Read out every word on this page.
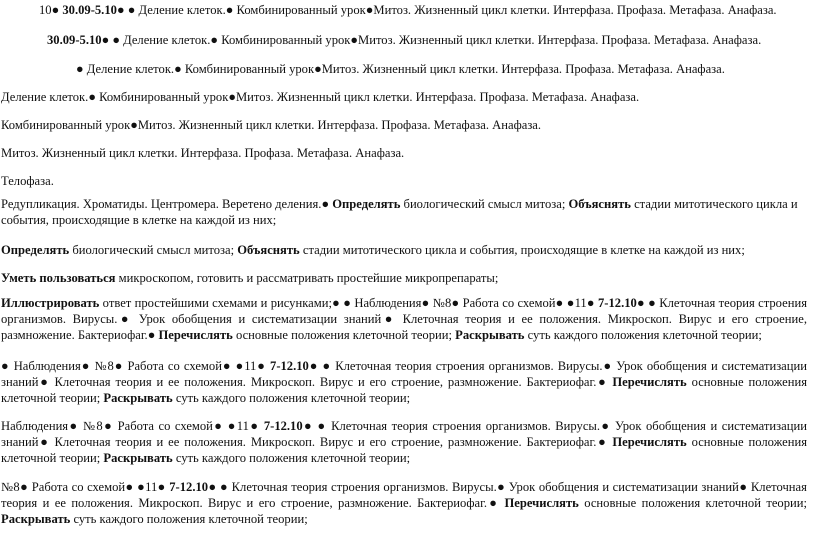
10● 30.09-5.10● ● Деление клеток.● Комбинированный урок●Митоз. Жизненный цикл клетки. Интерфаза. Профаза. Метафаза. Анафаза.

30.09-5.10● ● Деление клеток.● Комбинированный урок●Митоз. Жизненный цикл клетки. Интерфаза. Профаза. Метафаза. Анафаза.

● Деление клеток.● Комбинированный урок●Митоз. Жизненный цикл клетки. Интерфаза. Профаза. Метафаза. Анафаза.

Деление клеток.● Комбинированный урок●Митоз. Жизненный цикл клетки. Интерфаза. Профаза. Метафаза. Анафаза.

Комбинированный урок●Митоз. Жизненный цикл клетки. Интерфаза. Профаза. Метафаза. Анафаза.

Митоз. Жизненный цикл клетки. Интерфаза. Профаза. Метафаза. Анафаза.

Телофаза.

Редупликация. Хроматиды. Центромера. Веретено деления.● Определять биологический смысл митоза; Объяснять стадии митотического цикла и события, происходящие в клетке на каждой из них;

Определять биологический смысл митоза; Объяснять стадии митотического цикла и события, происходящие в клетке на каждой из них;

Уметь пользоваться микроскопом, готовить и рассматривать простейшие микропрепараты;

Иллюстрировать ответ простейшими схемами и рисунками;● ● Наблюдения● №8● Работа со схемой● ●11● 7-12.10● ● Клеточная теория строения организмов. Вирусы.● Урок обобщения и систематизации знаний● Клеточная теория и ее положения. Микроскоп. Вирус и его строение, размножение. Бактериофаг.● Перечислять основные положения клеточной теории; Раскрывать суть каждого положения клеточной теории;

● Наблюдения● №8● Работа со схемой● ●11● 7-12.10● ● Клеточная теория строения организмов. Вирусы.● Урок обобщения и систематизации знаний● Клеточная теория и ее положения. Микроскоп. Вирус и его строение, размножение. Бактериофаг.● Перечислять основные положения клеточной теории; Раскрывать суть каждого положения клеточной теории;

Наблюдения● №8● Работа со схемой● ●11● 7-12.10● ● Клеточная теория строения организмов. Вирусы.● Урок обобщения и систематизации знаний● Клеточная теория и ее положения. Микроскоп. Вирус и его строение, размножение. Бактериофаг.● Перечислять основные положения клеточной теории; Раскрывать суть каждого положения клеточной теории;

№8● Работа со схемой● ●11● 7-12.10● ● Клеточная теория строения организмов. Вирусы.● Урок обобщения и систематизации знаний● Клеточная теория и ее положения. Микроскоп. Вирус и его строение, размножение. Бактериофаг.● Перечислять основные положения клеточной теории; Раскрывать суть каждого положения клеточной теории;
